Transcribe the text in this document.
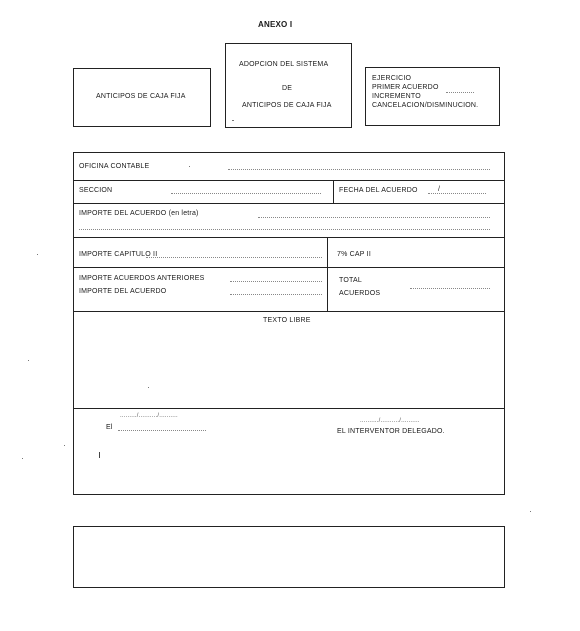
ANEXO I
ANTICIPOS DE CAJA FIJA
ADOPCION DEL SISTEMA
DE
ANTICIPOS DE CAJA FIJA
EJERCICIO
PRIMER ACUERDO
INCREMENTO
CANCELACION/DISMINUCION.
OFICINA CONTABLE
SECCION	FECHA DEL ACUERDO	/
IMPORTE DEL ACUERDO (en letra)
IMPORTE CAPITULO II	7% CAP II
IMPORTE ACUERDOS ANTERIORES
IMPORTE DEL ACUERDO
TOTAL
ACUERDOS
TEXTO LIBRE
........./........../..........
El
........../........../..........
EL INTERVENTOR DELEGADO.
